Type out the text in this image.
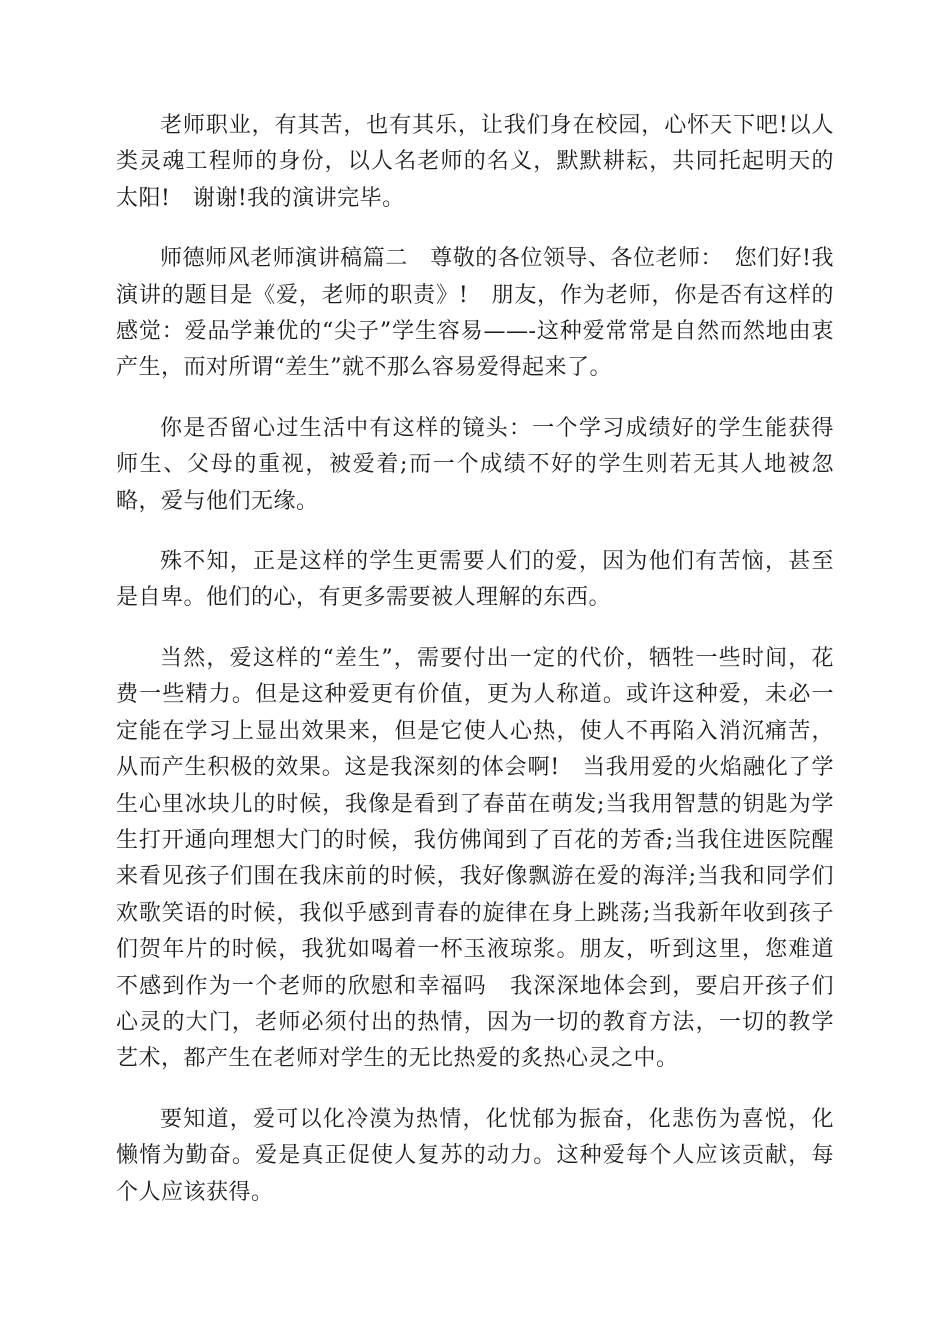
老师职业，有其苦，也有其乐，让我们身在校园，心怀天下吧!以人类灵魂工程师的身份，以人名老师的名义，默默耕耘，共同托起明天的太阳!　谢谢!我的演讲完毕。

师德师风老师演讲稿篇二　尊敬的各位领导、各位老师：　您们好!我演讲的题目是《爱，老师的职责》!　朋友，作为老师，你是否有这样的感觉：爱品学兼优的“尖子”学生容易——-这种爱常常是自然而然地由衷产生，而对所谓“差生”就不那么容易爱得起来了。

你是否留心过生活中有这样的镜头：一个学习成绩好的学生能获得师生、父母的重视，被爱着;而一个成绩不好的学生则若无其人地被忽略，爱与他们无缘。

殊不知，正是这样的学生更需要人们的爱，因为他们有苦恼，甚至是自卑。他们的心，有更多需要被人理解的东西。

当然，爱这样的“差生”，需要付出一定的代价，牺牲一些时间，花费一些精力。但是这种爱更有价值，更为人称道。或许这种爱，未必一定能在学习上显出效果来，但是它使人心热，使人不再陷入消沉痛苦，从而产生积极的效果。这是我深刻的体会啊!　当我用爱的火焰融化了学生心里冰块儿的时候，我像是看到了春苗在萌发;当我用智慧的钥匙为学生打开通向理想大门的时候，我仿佛闻到了百花的芳香;当我住进医院醒来看见孩子们围在我床前的时候，我好像飘游在爱的海洋;当我和同学们欢歌笑语的时候，我似乎感到青春的旋律在身上跳荡;当我新年收到孩子们贺年片的时候，我犹如喝着一杯玉液琼浆。朋友，听到这里，您难道不感到作为一个老师的欣慰和幸福吗　我深深地体会到，要启开孩子们心灵的大门，老师必须付出的热情，因为一切的教育方法，一切的教学艺术，都产生在老师对学生的无比热爱的炙热心灵之中。

要知道，爱可以化冷漠为热情，化忧郁为振奋，化悲伤为喜悦，化懒惰为勤奋。爱是真正促使人复苏的动力。这种爱每个人应该贡献，每个人应该获得。
